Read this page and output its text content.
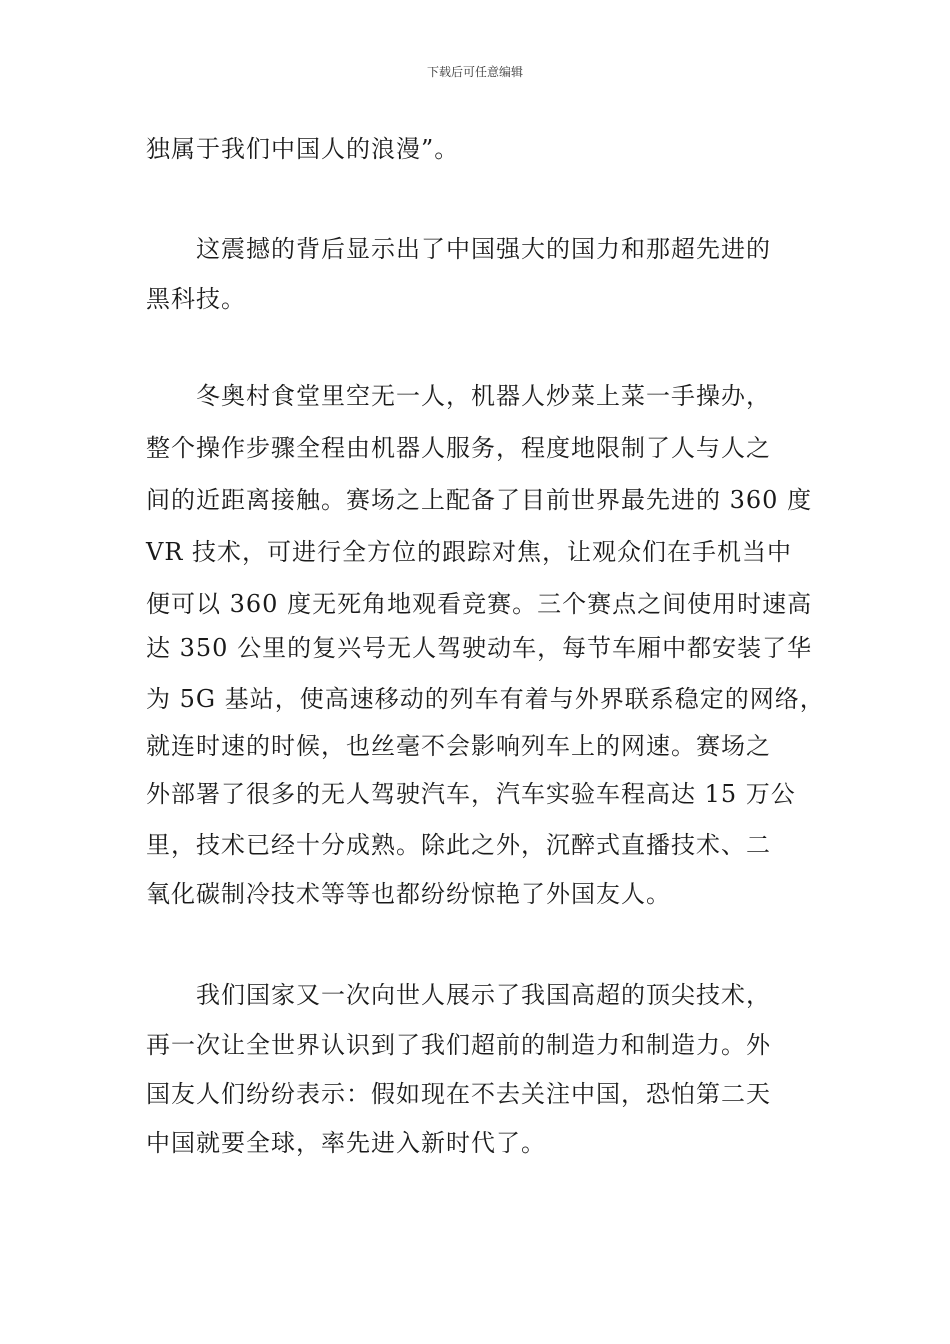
下载后可任意编辑
独属于我们中国人的浪漫”。
　　这震撼的背后显示出了中国强大的国力和那超先进的
黑科技。
　　冬奥村食堂里空无一人，机器人炒菜上菜一手操办，
整个操作步骤全程由机器人服务，程度地限制了人与人之
间的近距离接触。赛场之上配备了目前世界最先进的 360 度
VR 技术，可进行全方位的跟踪对焦，让观众们在手机当中
便可以 360 度无死角地观看竞赛。三个赛点之间使用时速高
达 350 公里的复兴号无人驾驶动车，每节车厢中都安装了华
为 5G 基站，使高速移动的列车有着与外界联系稳定的网络，
就连时速的时候，也丝毫不会影响列车上的网速。赛场之
外部署了很多的无人驾驶汽车，汽车实验车程高达 15 万公
里，技术已经十分成熟。除此之外，沉醉式直播技术、二
氧化碳制冷技术等等也都纷纷惊艳了外国友人。
　　我们国家又一次向世人展示了我国高超的顶尖技术，
再一次让全世界认识到了我们超前的制造力和制造力。外
国友人们纷纷表示：假如现在不去关注中国，恐怕第二天
中国就要全球，率先进入新时代了。
